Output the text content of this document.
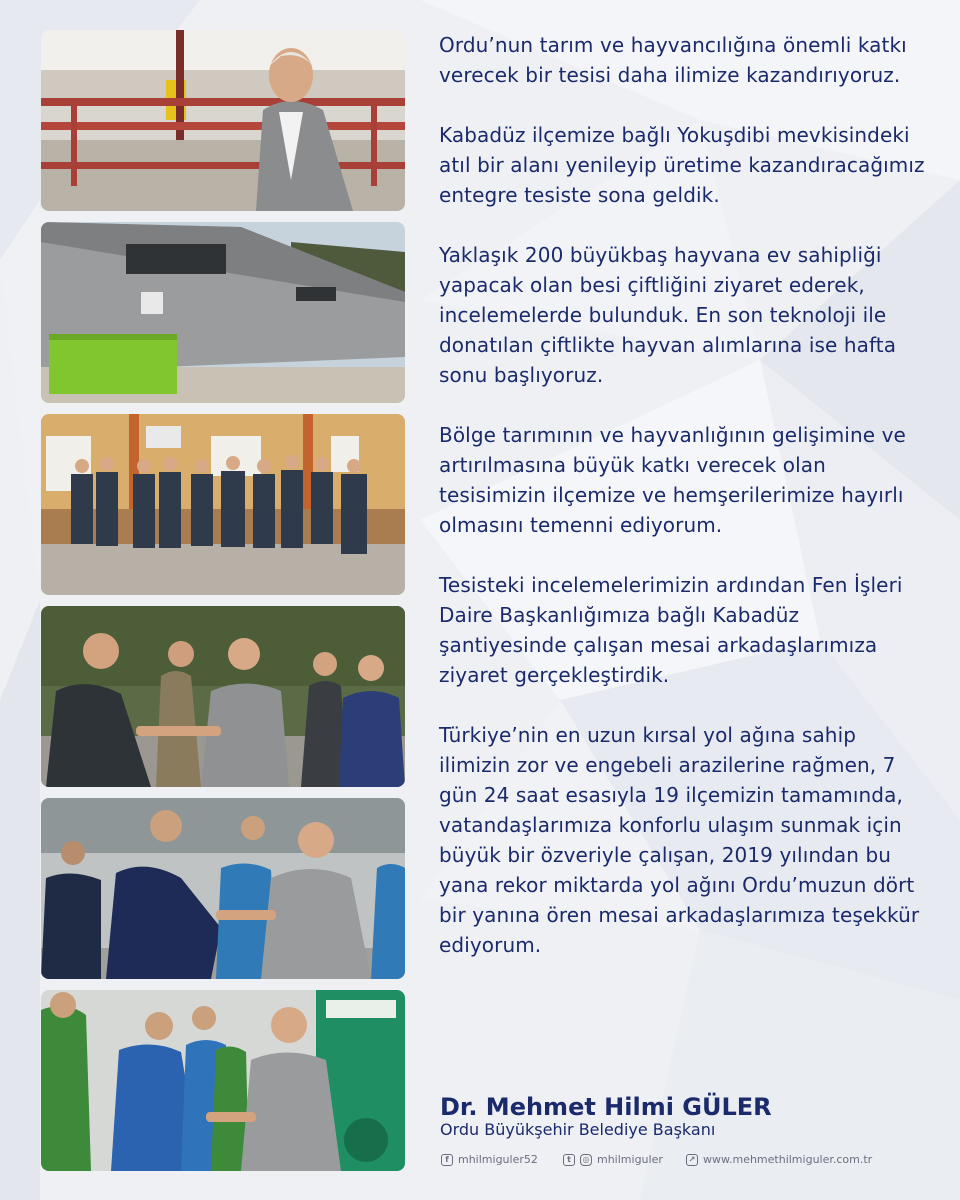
Ordu’nun tarım ve hayvancılığına önemli katkı verecek bir tesisi daha ilimize kazandırıyoruz.

Kabadüz ilçemize bağlı Yokuşdibi mevkisindeki atıl bir alanı yenileyip üretime kazandıracağımız entegre tesiste sona geldik.

Yaklaşık 200 büyükbaş hayvana ev sahipliği yapacak olan besi çiftliğini ziyaret ederek, incelemelerde bulunduk. En son teknoloji ile donatılan çiftlikte hayvan alımlarına ise hafta sonu başlıyoruz.

Bölge tarımının ve hayvanlığının gelişimine ve artırılmasına büyük katkı verecek olan tesisimizin ilçemize ve hemşerilerimize hayırlı olmasını temenni ediyorum.

Tesisteki incelemelerimizin ardından Fen İşleri Daire Başkanlığımıza bağlı Kabadüz şantiyesinde çalışan mesai arkadaşlarımıza ziyaret gerçekleştirdik.

Türkiye’nin en uzun kırsal yol ağına sahip ilimizin zor ve engebeli arazilerine rağmen, 7 gün 24 saat esasıyla 19 ilçemizin tamamında, vatandaşlarımıza konforlu ulaşım sunmak için büyük bir özveriyle çalışan, 2019 yılından bu yana rekor miktarda yol ağını Ordu’muzun dört bir yanına ören mesai arkadaşlarımıza teşekkür ediyorum.

Dr. Mehmet Hilmi GÜLER

Ordu Büyükşehir Belediye Başkanı

f mhilmiguler52	t	◎ mhilmiguler	↗ www.mehmethilmiguler.com.tr
